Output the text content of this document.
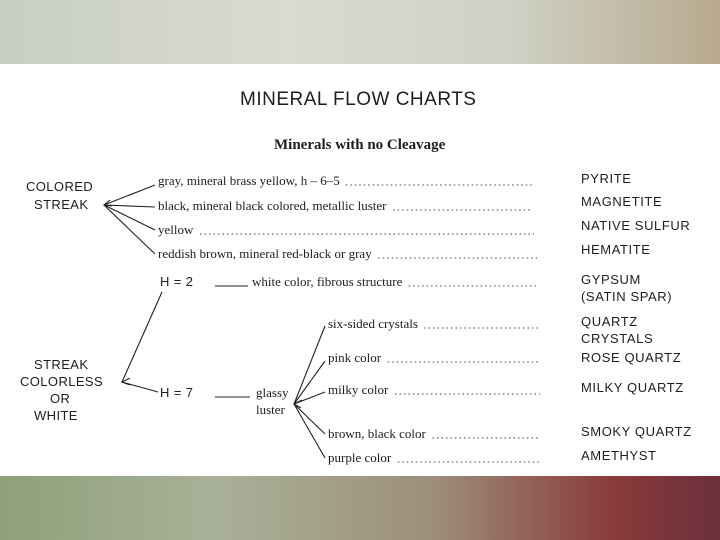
MINERAL FLOW CHARTS
Minerals with no Cleavage
COLORED
STREAK
STREAK
COLORLESS
OR
WHITE
H = 2
H = 7	glassy
luster
gray, mineral brass yellow, h – 6–5	PYRITE
black, mineral black colored, metallic luster	MAGNETITE
yellow	NATIVE SULFUR
reddish brown, mineral red-black or gray	HEMATITE
white color, fibrous structure	GYPSUM
(SATIN SPAR)
six-sided crystals	QUARTZ
CRYSTALS
pink color	ROSE QUARTZ
milky color	MILKY QUARTZ
brown, black color	SMOKY QUARTZ
purple color	AMETHYST
